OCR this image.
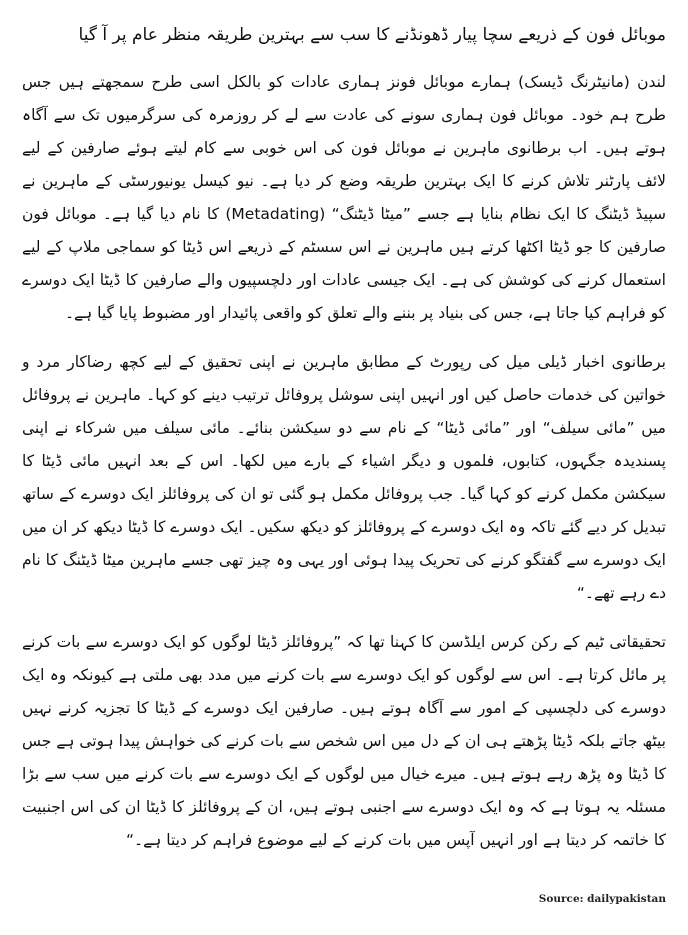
موبائل فون کے ذریعے سچا پیار ڈھونڈنے کا سب سے بہترین طریقہ منظر عام پر آ گیا

لندن (مانیٹرنگ ڈیسک) ہمارے موبائل فونز ہماری عادات کو بالکل اسی طرح سمجھتے ہیں جس طرح ہم خود۔ موبائل فون ہماری سونے کی عادت سے لے کر روزمرہ کی سرگرمیوں تک سے آگاہ ہوتے ہیں۔ اب برطانوی ماہرین نے موبائل فون کی اس خوبی سے کام لیتے ہوئے صارفین کے لیے لائف پارٹنر تلاش کرنے کا ایک بہترین طریقہ وضع کر دیا ہے۔ نیو کیسل یونیورسٹی کے ماہرین نے سپیڈ ڈیٹنگ کا ایک نظام بنایا ہے جسے ”میٹا ڈیٹنگ“ (Metadating) کا نام دیا گیا ہے۔ موبائل فون صارفین کا جو ڈیٹا اکٹھا کرتے ہیں ماہرین نے اس سسٹم کے ذریعے اس ڈیٹا کو سماجی ملاپ کے لیے استعمال کرنے کی کوشش کی ہے۔ ایک جیسی عادات اور دلچسپیوں والے صارفین کا ڈیٹا ایک دوسرے کو فراہم کیا جاتا ہے، جس کی بنیاد پر بننے والے تعلق کو واقعی پائیدار اور مضبوط پایا گیا ہے۔

برطانوی اخبار ڈیلی میل کی رپورٹ کے مطابق ماہرین نے اپنی تحقیق کے لیے کچھ رضاکار مرد و خواتین کی خدمات حاصل کیں اور انہیں اپنی سوشل پروفائل ترتیب دینے کو کہا۔ ماہرین نے پروفائل میں ”مائی سیلف“ اور ”مائی ڈیٹا“ کے نام سے دو سیکشن بنائے۔ مائی سیلف میں شرکاء نے اپنی پسندیدہ جگہوں، کتابوں، فلموں و دیگر اشیاء کے بارے میں لکھا۔ اس کے بعد انہیں مائی ڈیٹا کا سیکشن مکمل کرنے کو کہا گیا۔ جب پروفائل مکمل ہو گئی تو ان کی پروفائلز ایک دوسرے کے ساتھ تبدیل کر دیے گئے تاکہ وہ ایک دوسرے کے پروفائلز کو دیکھ سکیں۔ ایک دوسرے کا ڈیٹا دیکھ کر ان میں ایک دوسرے سے گفتگو کرنے کی تحریک پیدا ہوئی اور یہی وہ چیز تھی جسے ماہرین میٹا ڈیٹنگ کا نام دے رہے تھے۔“

تحقیقاتی ٹیم کے رکن کرس ایلڈسن کا کہنا تھا کہ ”پروفائلز ڈیٹا لوگوں کو ایک دوسرے سے بات کرنے پر مائل کرتا ہے۔ اس سے لوگوں کو ایک دوسرے سے بات کرنے میں مدد بھی ملتی ہے کیونکہ وہ ایک دوسرے کی دلچسپی کے امور سے آگاہ ہوتے ہیں۔ صارفین ایک دوسرے کے ڈیٹا کا تجزیہ کرنے نہیں بیٹھ جاتے بلکہ ڈیٹا پڑھتے ہی ان کے دل میں اس شخص سے بات کرنے کی خواہش پیدا ہوتی ہے جس کا ڈیٹا وہ پڑھ رہے ہوتے ہیں۔ میرے خیال میں لوگوں کے ایک دوسرے سے بات کرنے میں سب سے بڑا مسئلہ یہ ہوتا ہے کہ وہ ایک دوسرے سے اجنبی ہوتے ہیں، ان کے پروفائلز کا ڈیٹا ان کی اس اجنبیت کا خاتمہ کر دیتا ہے اور انہیں آپس میں بات کرنے کے لیے موضوع فراہم کر دیتا ہے۔“

Source: dailypakistan
